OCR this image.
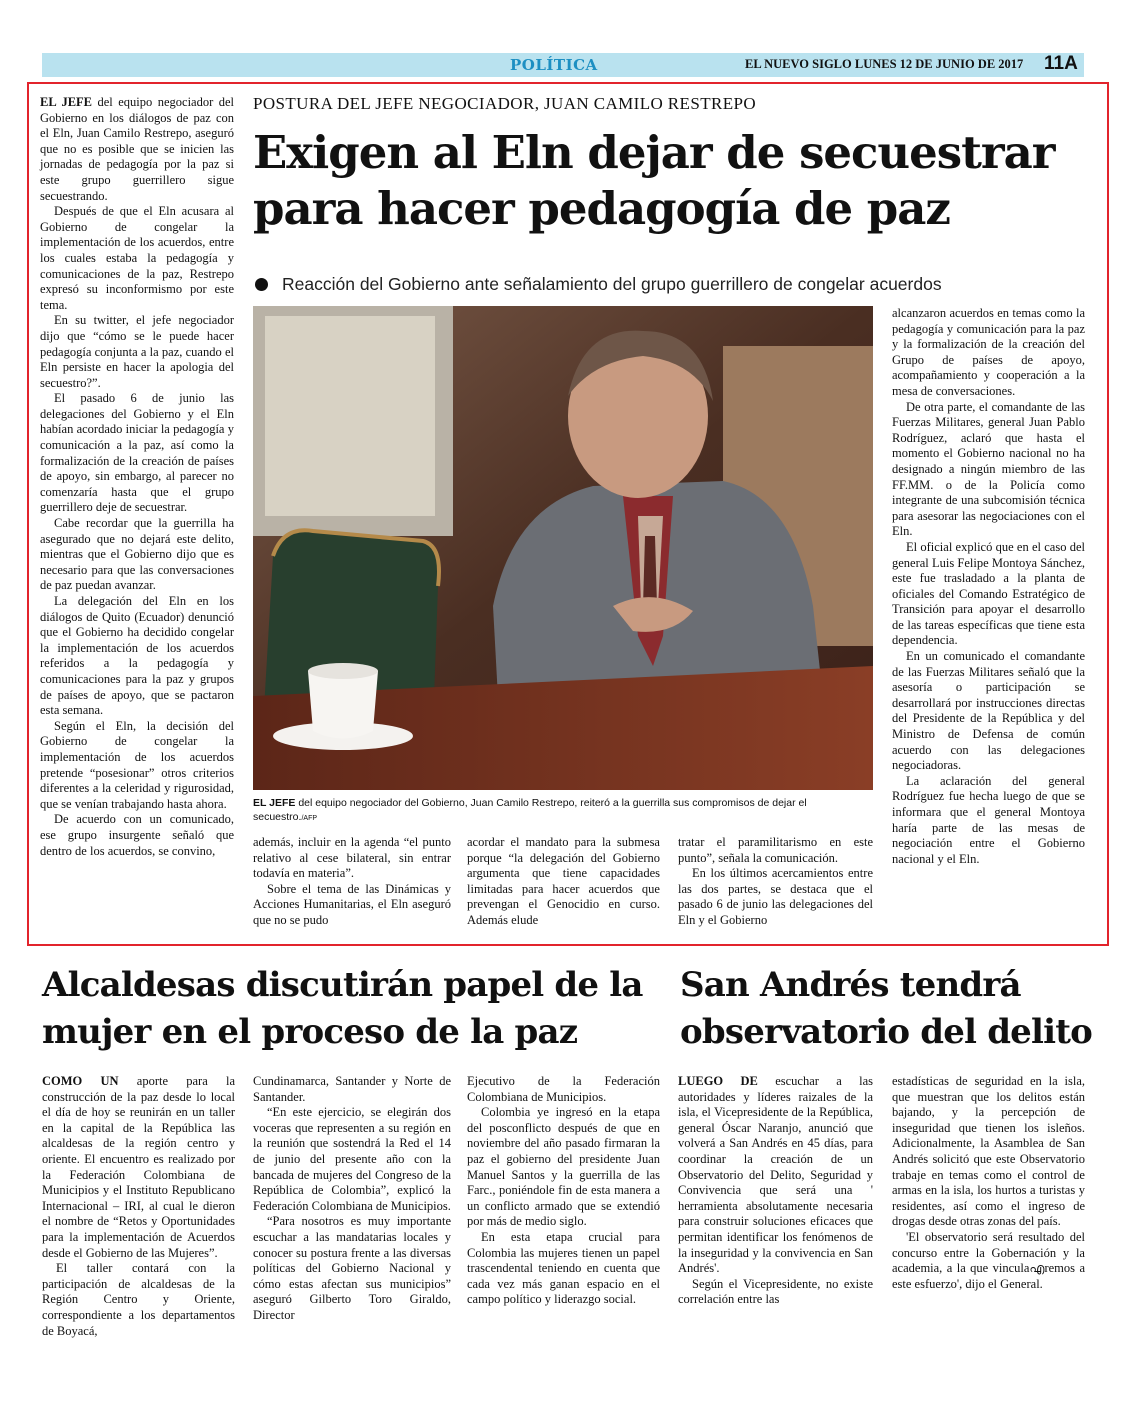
POLÍTICA	EL NUEVO SIGLO LUNES 12 DE JUNIO DE 2017 11A

EL JEFE del equipo negociador del Gobierno en los diálogos de paz con el Eln, Juan Camilo Restrepo, aseguró que no es posible que se inicien las jornadas de pedagogía por la paz si este grupo guerrillero sigue secuestrando.

Después de que el Eln acusara al Gobierno de congelar la implementación de los acuerdos, entre los cuales estaba la pedagogía y comunicaciones de la paz, Restrepo expresó su inconformismo por este tema.

En su twitter, el jefe negociador dijo que “cómo se le puede hacer pedagogía conjunta a la paz, cuando el Eln persiste en hacer la apologia del secuestro?”.

El pasado 6 de junio las delegaciones del Gobierno y el Eln habían acordado iniciar la pedagogía y comunicación a la paz, así como la formalización de la creación de países de apoyo, sin embargo, al parecer no comenzaría hasta que el grupo guerrillero deje de secuestrar.

Cabe recordar que la guerrilla ha asegurado que no dejará este delito, mientras que el Gobierno dijo que es necesario para que las conversaciones de paz puedan avanzar.

La delegación del Eln en los diálogos de Quito (Ecuador) denunció que el Gobierno ha decidido congelar la implementación de los acuerdos referidos a la pedagogía y comunicaciones para la paz y grupos de países de apoyo, que se pactaron esta semana.

Según el Eln, la decisión del Gobierno de congelar la implementación de los acuerdos pretende “posesionar” otros criterios diferentes a la celeridad y rigurosidad, que se venían trabajando hasta ahora.

De acuerdo con un comunicado, ese grupo insurgente señaló que dentro de los acuerdos, se convino,

POSTURA DEL JEFE NEGOCIADOR, JUAN CAMILO RESTREPO
Exigen al Eln dejar de secuestrar para hacer pedagogía de paz
Reacción del Gobierno ante señalamiento del grupo guerrillero de congelar acuerdos
EL JEFE del equipo negociador del Gobierno, Juan Camilo Restrepo, reiteró a la guerrilla sus compromisos de dejar el secuestro./AFP

además, incluir en la agenda “el punto relativo al cese bilateral, sin entrar todavía en materia”.

Sobre el tema de las Dinámicas y Acciones Humanitarias, el Eln aseguró que no se pudo

acordar el mandato para la submesa porque “la delegación del Gobierno argumenta que tiene capacidades limitadas para hacer acuerdos que prevengan el Genocidio en curso. Además elude

tratar el paramilitarismo en este punto”, señala la comunicación.

En los últimos acercamientos entre las dos partes, se destaca que el pasado 6 de junio las delegaciones del Eln y el Gobierno

alcanzaron acuerdos en temas como la pedagogía y comunicación para la paz y la formalización de la creación del Grupo de países de apoyo, acompañamiento y cooperación a la mesa de conversaciones.

De otra parte, el comandante de las Fuerzas Militares, general Juan Pablo Rodríguez, aclaró que hasta el momento el Gobierno nacional no ha designado a ningún miembro de las FF.MM. o de la Policía como integrante de una subcomisión técnica para asesorar las negociaciones con el Eln.

El oficial explicó que en el caso del general Luis Felipe Montoya Sánchez, este fue trasladado a la planta de oficiales del Comando Estratégico de Transición para apoyar el desarrollo de las tareas específicas que tiene esta dependencia.

En un comunicado el comandante de las Fuerzas Militares señaló que la asesoría o participación se desarrollará por instrucciones directas del Presidente de la República y del Ministro de Defensa de común acuerdo con las delegaciones negociadoras.

La aclaración del general Rodríguez fue hecha luego de que se informara que el general Montoya haría parte de las mesas de negociación entre el Gobierno nacional y el Eln.

Alcaldesas discutirán papel de la mujer en el proceso de la paz

COMO UN aporte para la construcción de la paz desde lo local el día de hoy se reunirán en un taller en la capital de la República las alcaldesas de la región centro y oriente. El encuentro es realizado por la Federación Colombiana de Municipios y el Instituto Republicano Internacional – IRI, al cual le dieron el nombre de “Retos y Oportunidades para la implementación de Acuerdos desde el Gobierno de las Mujeres”.

El taller contará con la participación de alcaldesas de la Región Centro y Oriente, correspondiente a los departamentos de Boyacá,

Cundinamarca, Santander y Norte de Santander.

“En este ejercicio, se elegirán dos voceras que representen a su región en la reunión que sostendrá la Red el 14 de junio del presente año con la bancada de mujeres del Congreso de la República de Colombia”, explicó la Federación Colombiana de Municipios.

“Para nosotros es muy importante escuchar a las mandatarias locales y conocer su postura frente a las diversas políticas del Gobierno Nacional y cómo estas afectan sus municipios” aseguró Gilberto Toro Giraldo, Director

Ejecutivo de la Federación Colombiana de Municipios.

Colombia ye ingresó en la etapa del posconflicto después de que en noviembre del año pasado firmaran la paz el gobierno del presidente Juan Manuel Santos y la guerrilla de las Farc., poniéndole fin de esta manera a un conflicto armado que se extendió por más de medio siglo.

En esta etapa crucial para Colombia las mujeres tienen un papel trascendental teniendo en cuenta que cada vez más ganan espacio en el campo político y liderazgo social.

San Andrés tendrá observatorio del delito

LUEGO DE escuchar a las autoridades y líderes raizales de la isla, el Vicepresidente de la República, general Óscar Naranjo, anunció que volverá a San Andrés en 45 días, para coordinar la creación de un Observatorio del Delito, Seguridad y Convivencia que será una ' herramienta absolutamente necesaria para construir soluciones eficaces que permitan identificar los fenómenos de la inseguridad y la convivencia en San Andrés'.

Según el Vicepresidente, no existe correlación entre las

estadísticas de seguridad en la isla, que muestran que los delitos están bajando, y la percepción de inseguridad que tienen los isleños. Adicionalmente, la Asamblea de San Andrés solicitó que este Observatorio trabaje en temas como el control de armas en la isla, los hurtos a turistas y residentes, así como el ingreso de drogas desde otras zonas del país.

'El observatorio será resultado del concurso entre la Gobernación y la academia, a la que vinculaഎremos a este esfuerzo', dijo el General.
